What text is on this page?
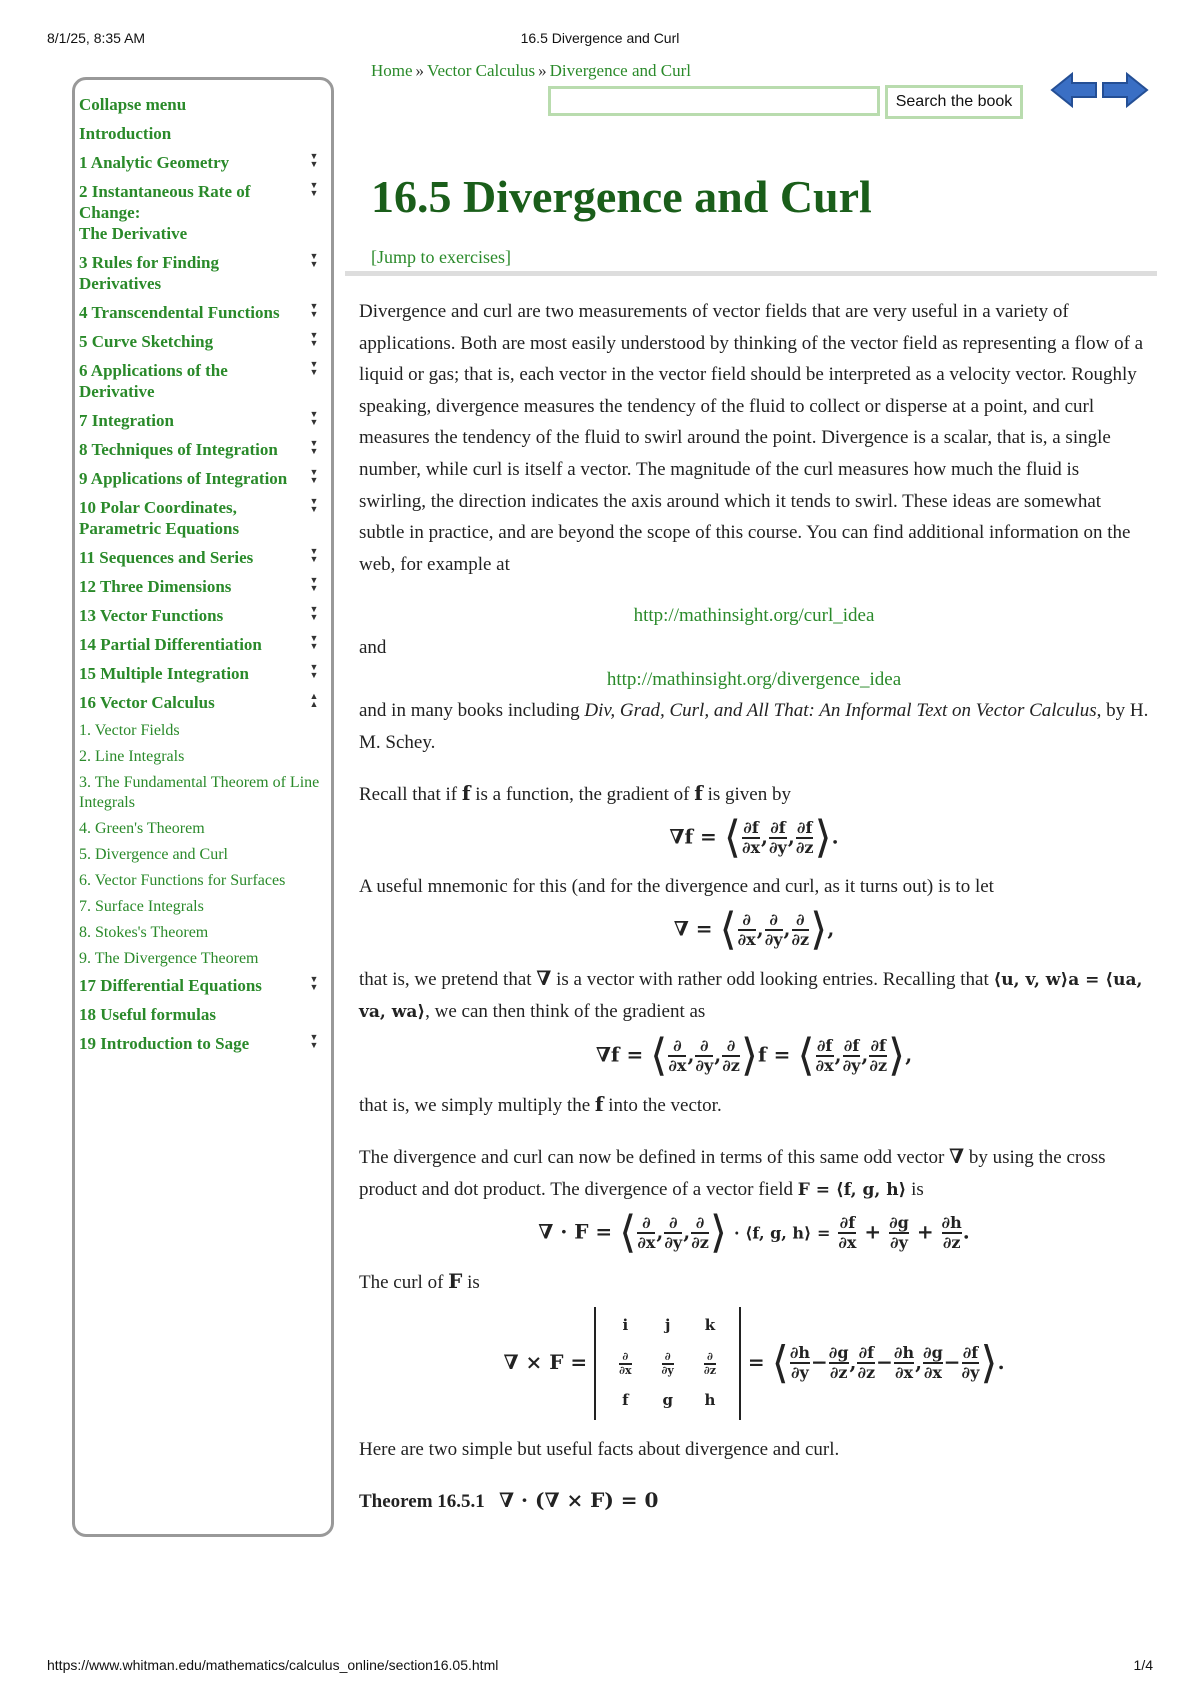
8/1/25, 8:35 AM	16.5 Divergence and Curl
Collapse menu
Introduction
1 Analytic Geometry	▼
▼
2 Instantaneous Rate of Change:
The Derivative
▼
▼
3 Rules for Finding Derivatives
▼
▼
4 Transcendental Functions	▼
▼
5 Curve Sketching	▼
▼
6 Applications of the Derivative
▼
▼
7 Integration	▼
▼
8 Techniques of Integration	▼
▼
9 Applications of Integration	▼
▼
10 Polar Coordinates, Parametric Equations
▼
▼
11 Sequences and Series	▼
▼
12 Three Dimensions	▼
▼
13 Vector Functions	▼
▼
14 Partial Differentiation	▼
▼
15 Multiple Integration	▼
▼
16 Vector Calculus	▲
▲
1. Vector Fields
2. Line Integrals
3. The Fundamental Theorem of Line Integrals
4. Green's Theorem
5. Divergence and Curl
6. Vector Functions for Surfaces
7. Surface Integrals
8. Stokes's Theorem
9. The Divergence Theorem
17 Differential Equations	▼
▼
18 Useful formulas
19 Introduction to Sage	▼
▼
Home » Vector Calculus » Divergence and Curl
Search the book
16.5 Divergence and Curl
[Jump to exercises]

Divergence and curl are two measurements of vector fields that are very useful in a variety of applications. Both are most easily understood by thinking of the vector field as representing a flow of a liquid or gas; that is, each vector in the vector field should be interpreted as a velocity vector. Roughly speaking, divergence measures the tendency of the fluid to collect or disperse at a point, and curl measures the tendency of the fluid to swirl around the point. Divergence is a scalar, that is, a single number, while curl is itself a vector. The magnitude of the curl measures how much the fluid is swirling, the direction indicates the axis around which it tends to swirl. These ideas are somewhat subtle in practice, and are beyond the scope of this course. You can find additional information on the web, for example at

http://mathinsight.org/curl_idea

and

http://mathinsight.org/divergence_idea

and in many books including Div, Grad, Curl, and All That: An Informal Text on Vector Calculus, by H. M. Schey.

Recall that if f is a function, the gradient of f is given by

∇f = ⟨ $\frac{\partial f}{\partial x}$ , $\frac{\partial f}{\partial y}$ , $\frac{\partial f}{\partial z}$ ⟩.

A useful mnemonic for this (and for the divergence and curl, as it turns out) is to let

∇ = ⟨ $\frac{\partial}{\partial x}$ , $\frac{\partial}{\partial y}$ , $\frac{\partial}{\partial z}$ ⟩,

that is, we pretend that ∇ is a vector with rather odd looking entries. Recalling that ⟨u, v, w⟩a = ⟨ua, va, wa⟩, we can then think of the gradient as

∇f = ⟨ $\frac{\partial}{\partial x}$ , $\frac{\partial}{\partial y}$ , $\frac{\partial}{\partial z}$ ⟩f = ⟨ $\frac{\partial f}{\partial x}$ , $\frac{\partial f}{\partial y}$ , $\frac{\partial f}{\partial z}$ ⟩,

that is, we simply multiply the f into the vector.

The divergence and curl can now be defined in terms of this same odd vector ∇ by using the cross product and dot product. The divergence of a vector field F = ⟨f, g, h⟩ is

∇ · F = ⟨ $\frac{\partial}{\partial x}$ , $\frac{\partial}{\partial y}$ , $\frac{\partial}{\partial z}$ ⟩ · ⟨f, g, h⟩ = $\frac{\partial f}{\partial x} + \frac{\partial g}{\partial y} + \frac{\partial h}{\partial z}$ .

The curl of F is

∇ × F =
i	j	k

$\frac{\partial}{\partial x}$	$\frac{\partial}{\partial y}$	$\frac{\partial}{\partial z}$

f	g	h
= ⟨ $\frac{\partial h}{\partial y} - \frac{\partial g}{\partial z}$ , $\frac{\partial f}{\partial z} - \frac{\partial h}{\partial x}$ , $\frac{\partial g}{\partial x} - \frac{\partial f}{\partial y}$ ⟩.

Here are two simple but useful facts about divergence and curl.

Theorem 16.5.1 ∇ · (∇ × F) = 0

https://www.whitman.edu/mathematics/calculus_online/section16.05.html	1/4
